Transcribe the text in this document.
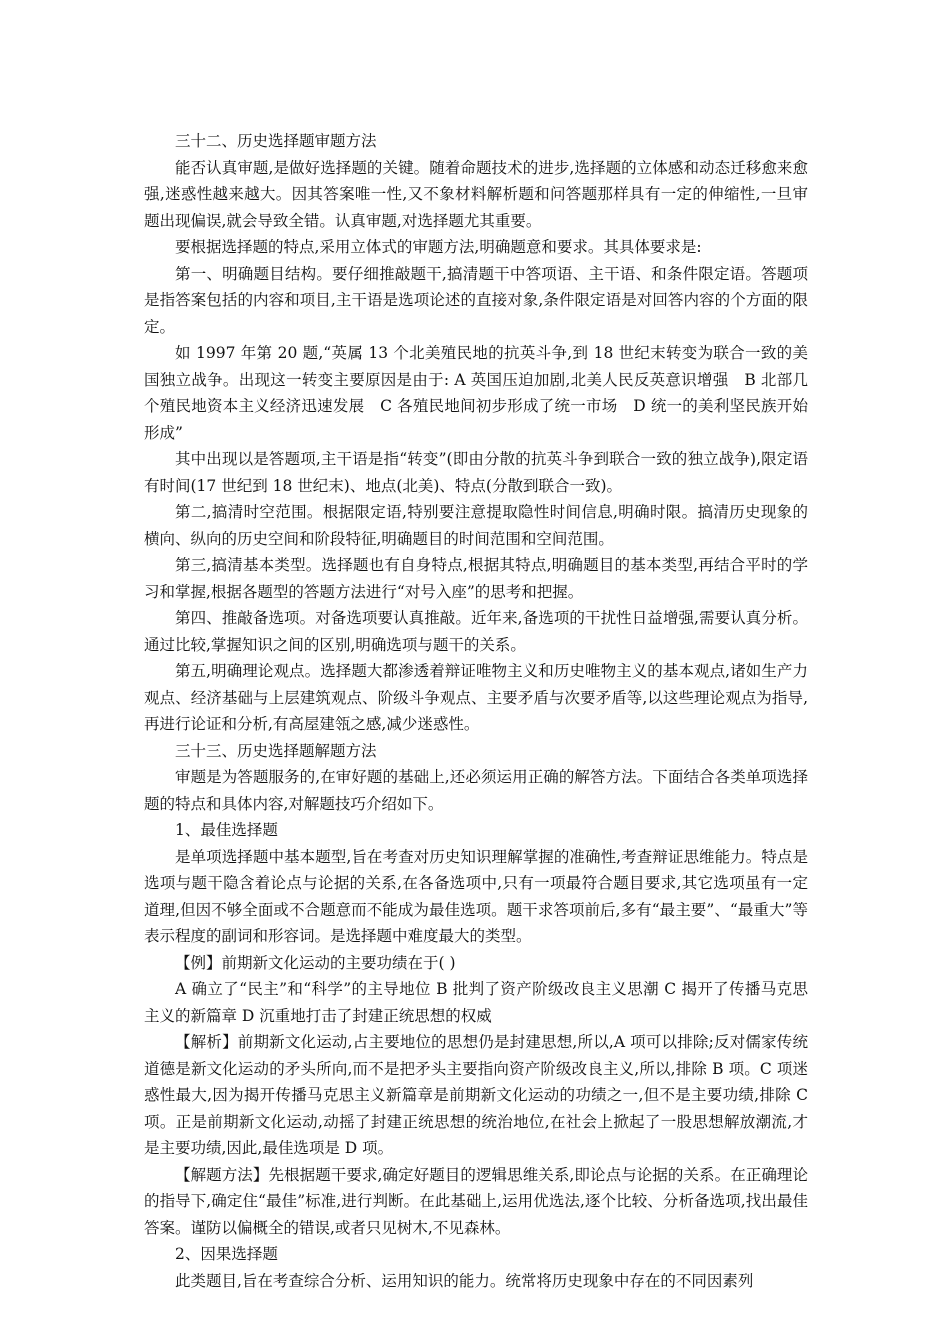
三十二、历史选择题审题方法

能否认真审题,是做好选择题的关键。随着命题技术的进步,选择题的立体感和动态迁移愈来愈强,迷惑性越来越大。因其答案唯一性,又不象材料解析题和问答题那样具有一定的伸缩性,一旦审题出现偏误,就会导致全错。认真审题,对选择题尤其重要。

要根据选择题的特点,采用立体式的审题方法,明确题意和要求。其具体要求是:

第一、明确题目结构。要仔细推敲题干,搞清题干中答项语、主干语、和条件限定语。答题项是指答案包括的内容和项目,主干语是选项论述的直接对象,条件限定语是对回答内容的个方面的限定。

如 1997 年第 20 题,“英属 13 个北美殖民地的抗英斗争,到 18 世纪末转变为联合一致的美国独立战争。出现这一转变主要原因是由于: A 英国压迫加剧,北美人民反英意识增强　B 北部几个殖民地资本主义经济迅速发展　C 各殖民地间初步形成了统一市场　D 统一的美利坚民族开始形成”

其中出现以是答题项,主干语是指“转变”(即由分散的抗英斗争到联合一致的独立战争),限定语有时间(17 世纪到 18 世纪末)、地点(北美)、特点(分散到联合一致)。

第二,搞清时空范围。根据限定语,特别要注意提取隐性时间信息,明确时限。搞清历史现象的横向、纵向的历史空间和阶段特征,明确题目的时间范围和空间范围。

第三,搞清基本类型。选择题也有自身特点,根据其特点,明确题目的基本类型,再结合平时的学习和掌握,根据各题型的答题方法进行“对号入座”的思考和把握。

第四、推敲备选项。对备选项要认真推敲。近年来,备选项的干扰性日益增强,需要认真分析。通过比较,掌握知识之间的区别,明确选项与题干的关系。

第五,明确理论观点。选择题大都渗透着辩证唯物主义和历史唯物主义的基本观点,诸如生产力观点、经济基础与上层建筑观点、阶级斗争观点、主要矛盾与次要矛盾等,以这些理论观点为指导,再进行论证和分析,有高屋建瓴之感,减少迷惑性。

三十三、历史选择题解题方法

审题是为答题服务的,在审好题的基础上,还必须运用正确的解答方法。下面结合各类单项选择题的特点和具体内容,对解题技巧介绍如下。

1、最佳选择题

是单项选择题中基本题型,旨在考查对历史知识理解掌握的准确性,考查辩证思维能力。特点是选项与题干隐含着论点与论据的关系,在各备选项中,只有一项最符合题目要求,其它选项虽有一定道理,但因不够全面或不合题意而不能成为最佳选项。题干求答项前后,多有“最主要”、“最重大”等表示程度的副词和形容词。是选择题中难度最大的类型。

【例】前期新文化运动的主要功绩在于( )

A 确立了“民主”和“科学”的主导地位 B 批判了资产阶级改良主义思潮 C 揭开了传播马克思主义的新篇章 D 沉重地打击了封建正统思想的权威

【解析】前期新文化运动,占主要地位的思想仍是封建思想,所以,A 项可以排除;反对儒家传统道德是新文化运动的矛头所向,而不是把矛头主要指向资产阶级改良主义,所以,排除 B 项。C 项迷惑性最大,因为揭开传播马克思主义新篇章是前期新文化运动的功绩之一,但不是主要功绩,排除 C 项。正是前期新文化运动,动摇了封建正统思想的统治地位,在社会上掀起了一股思想解放潮流,才是主要功绩,因此,最佳选项是 D 项。

【解题方法】先根据题干要求,确定好题目的逻辑思维关系,即论点与论据的关系。在正确理论的指导下,确定住“最佳”标准,进行判断。在此基础上,运用优选法,逐个比较、分析备选项,找出最佳答案。谨防以偏概全的错误,或者只见树木,不见森林。

2、因果选择题

此类题目,旨在考查综合分析、运用知识的能力。统常将历史现象中存在的不同因素列
